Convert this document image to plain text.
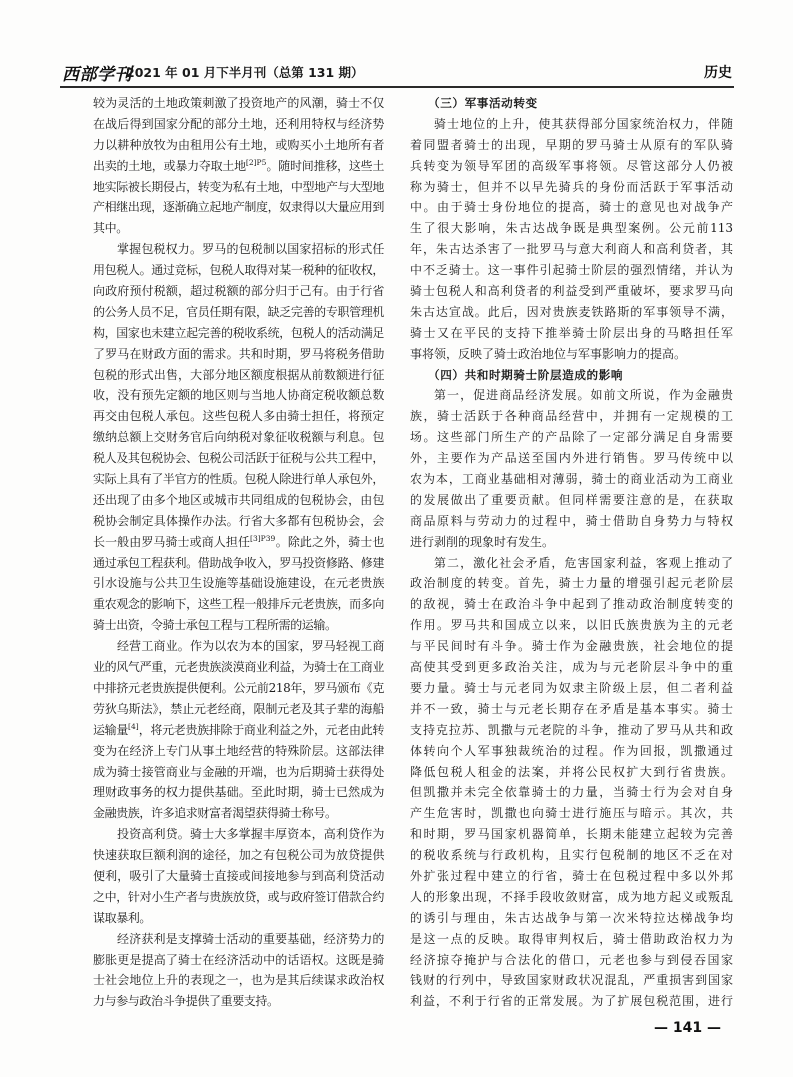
西部学刊
2021 年 01 月下半月刊（总第 131 期）	历史
较为灵活的土地政策刺激了投资地产的风潮，骑士不仅
在战后得到国家分配的部分土地，还利用特权与经济势
力以耕种放牧为由租用公有土地，或购买小土地所有者
出卖的土地，或暴力夺取土地$^{[2]P5}$。随时间推移，这些土
地实际被长期侵占，转变为私有土地，中型地产与大型地
产相继出现，逐渐确立起地产制度，奴隶得以大量应用到
其中。
掌握包税权力。罗马的包税制以国家招标的形式任
用包税人。通过竞标，包税人取得对某一税种的征收权，
向政府预付税额，超过税额的部分归于己有。由于行省
的公务人员不足，官员任期有限，缺乏完善的专职管理机
构，国家也未建立起完善的税收系统，包税人的活动满足
了罗马在财政方面的需求。共和时期，罗马将税务借助
包税的形式出售，大部分地区额度根据从前数额进行征
收，没有预先定额的地区则与当地人协商定税收额总数
再交由包税人承包。这些包税人多由骑士担任，将预定
缴纳总额上交财务官后向纳税对象征收税额与利息。包
税人及其包税协会、包税公司活跃于征税与公共工程中，
实际上具有了半官方的性质。包税人除进行单人承包外，
还出现了由多个地区或城市共同组成的包税协会，由包
税协会制定具体操作办法。行省大多都有包税协会，会
长一般由罗马骑士或商人担任$^{[3]P39}$。除此之外，骑士也
通过承包工程获利。借助战争收入，罗马投资修路、修建
引水设施与公共卫生设施等基础设施建设，在元老贵族
重农观念的影响下，这些工程一般排斥元老贵族，而多向
骑士出资，令骑士承包工程与工程所需的运输。
经营工商业。作为以农为本的国家，罗马轻视工商
业的风气严重，元老贵族淡漠商业利益，为骑士在工商业
中排挤元老贵族提供便利。公元前218年，罗马颁布《克
劳狄乌斯法》，禁止元老经商，限制元老及其子辈的海船
运输量[4]，将元老贵族排除于商业利益之外，元老由此转
变为在经济上专门从事土地经营的特殊阶层。这部法律
成为骑士接管商业与金融的开端，也为后期骑士获得处
理财政事务的权力提供基础。至此时期，骑士已然成为
金融贵族，许多追求财富者渴望获得骑士称号。
投资高利贷。骑士大多掌握丰厚资本，高利贷作为
快速获取巨额利润的途径，加之有包税公司为放贷提供
便利，吸引了大量骑士直接或间接地参与到高利贷活动
之中，针对小生产者与贵族放贷，或与政府签订借款合约
谋取暴利。
经济获利是支撑骑士活动的重要基础，经济势力的
膨胀更是提高了骑士在经济活动中的话语权。这既是骑
士社会地位上升的表现之一，也为是其后续谋求政治权
力与参与政治斗争提供了重要支持。
（三）军事活动转变
骑士地位的上升，使其获得部分国家统治权力，伴随
着同盟者骑士的出现，早期的罗马骑士从原有的军队骑
兵转变为领导军团的高级军事将领。尽管这部分人仍被
称为骑士，但并不以早先骑兵的身份而活跃于军事活动
中。由于骑士身份地位的提高，骑士的意见也对战争产
生了很大影响，朱古达战争既是典型案例。公元前113
年，朱古达杀害了一批罗马与意大利商人和高利贷者，其
中不乏骑士。这一事件引起骑士阶层的强烈情绪，并认为
骑士包税人和高利贷者的利益受到严重破坏，要求罗马向
朱古达宣战。此后，因对贵族麦铁路斯的军事领导不满，
骑士又在平民的支持下推举骑士阶层出身的马略担任军
事将领，反映了骑士政治地位与军事影响力的提高。
（四）共和时期骑士阶层造成的影响
第一，促进商品经济发展。如前文所说，作为金融贵
族，骑士活跃于各种商品经营中，并拥有一定规模的工
场。这些部门所生产的产品除了一定部分满足自身需要
外，主要作为产品送至国内外进行销售。罗马传统中以
农为本，工商业基础相对薄弱，骑士的商业活动为工商业
的发展做出了重要贡献。但同样需要注意的是，在获取
商品原料与劳动力的过程中，骑士借助自身势力与特权
进行剥削的现象时有发生。
第二，激化社会矛盾，危害国家利益，客观上推动了
政治制度的转变。首先，骑士力量的增强引起元老阶层
的敌视，骑士在政治斗争中起到了推动政治制度转变的
作用。罗马共和国成立以来，以旧氏族贵族为主的元老
与平民间时有斗争。骑士作为金融贵族，社会地位的提
高使其受到更多政治关注，成为与元老阶层斗争中的重
要力量。骑士与元老同为奴隶主阶级上层，但二者利益
并不一致，骑士与元老长期存在矛盾是基本事实。骑士
支持克拉苏、凯撒与元老院的斗争，推动了罗马从共和政
体转向个人军事独裁统治的过程。作为回报，凯撒通过
降低包税人租金的法案，并将公民权扩大到行省贵族。
但凯撒并未完全依靠骑士的力量，当骑士行为会对自身
产生危害时，凯撒也向骑士进行施压与暗示。其次，共
和时期，罗马国家机器简单，长期未能建立起较为完善
的税收系统与行政机构，且实行包税制的地区不乏在对
外扩张过程中建立的行省，骑士在包税过程中多以外邦
人的形象出现，不择手段收敛财富，成为地方起义或叛乱
的诱引与理由，朱古达战争与第一次米特拉达梯战争均
是这一点的反映。取得审判权后，骑士借助政治权力为
经济掠夺掩护与合法化的借口，元老也参与到侵吞国家
钱财的行列中，导致国家财政状况混乱，严重损害到国家
利益，不利于行省的正常发展。为了扩展包税范围，进行
— 141 —
